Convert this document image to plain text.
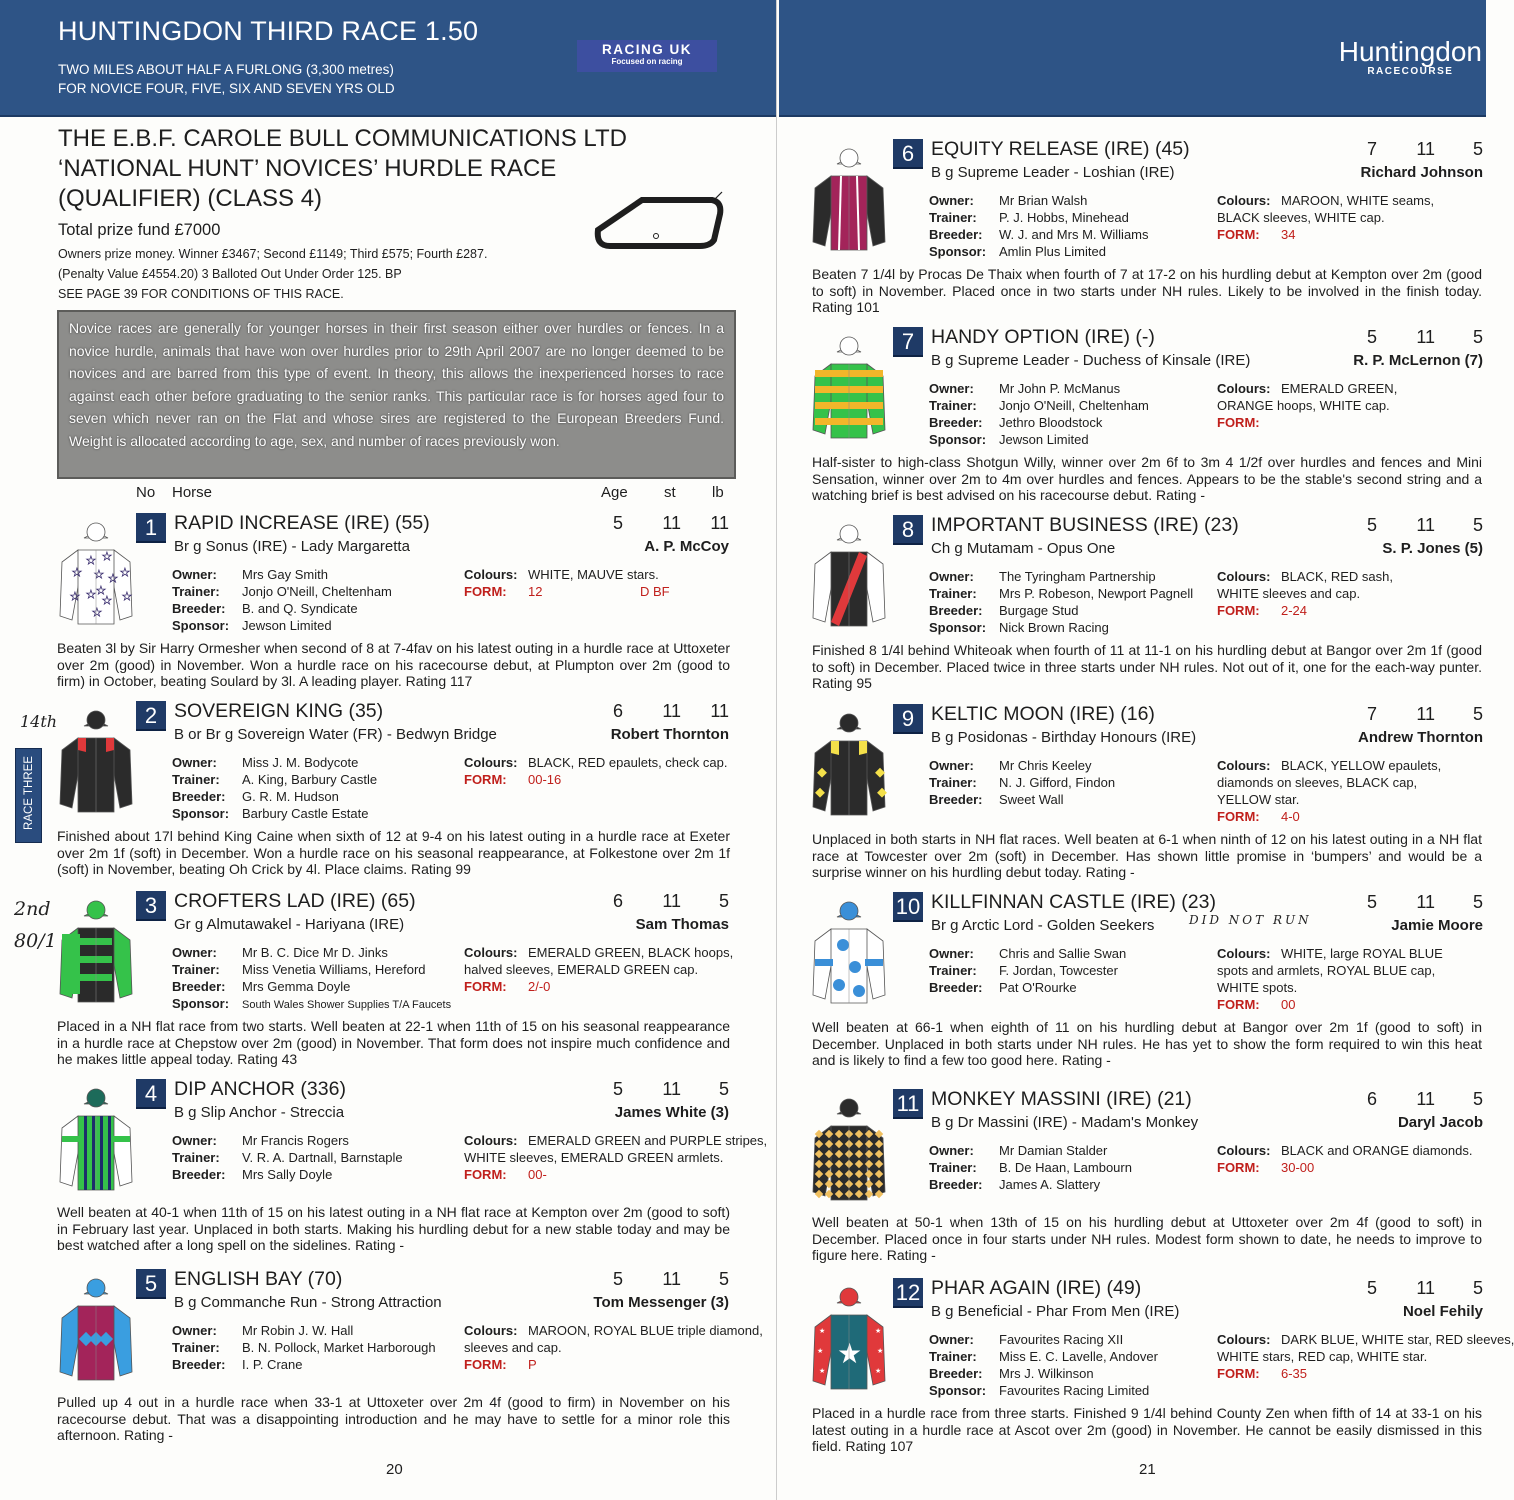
HUNTINGDON THIRD RACE 1.50
TWO MILES ABOUT HALF A FURLONG (3,300 metres)
FOR NOVICE FOUR, FIVE, SIX AND SEVEN YRS OLD
RACING UK
Focused on racing
THE E.B.F. CAROLE BULL COMMUNICATIONS LTD
‘NATIONAL HUNT’ NOVICES’ HURDLE RACE
(QUALIFIER) (CLASS 4)
Total prize fund £7000
Owners prize money. Winner £3467; Second £1149; Third £575; Fourth £287.
(Penalty Value £4554.20) 3 Balloted Out Under Order 125. BP
SEE PAGE 39 FOR CONDITIONS OF THIS RACE.
Novice races are generally for younger horses in their first season either over hurdles or fences. In a novice hurdle, animals that have won over hurdles prior to 29th April 2007 are no longer deemed to be novices and are barred from this type of event. In theory, this allows the inexperienced horses to race against each other before graduating to the senior ranks. This particular race is for horses aged four to seven which never ran on the Flat and whose sires are registered to the European Breeders Fund. Weight is allocated according to age, sex, and number of races previously won.
No Horse	Age st lb
★ ★
★ ★
★ ★
★
★	★
★	★
★
1 RAPID INCREASE (IRE) (55)
Br g Sonus (IRE) - Lady Margaretta
5 11 11
A. P. McCoy
Owner: Mrs Gay Smith
Trainer: Jonjo O'Neill, Cheltenham
Breeder: B. and Q. Syndicate
Sponsor: Jewson Limited
Colours: WHITE, MAUVE stars.
FORM: 12	D BF
Beaten 3l by Sir Harry Ormesher when second of 8 at 7-4fav on his latest outing in a hurdle race at Uttoxeter over 2m (good) in November. Won a hurdle race on his racecourse debut, at Plumpton over 2m (good to firm) in October, beating Soulard by 3l. A leading player. Rating 117
2 SOVEREIGN KING (35)
B or Br g Sovereign Water (FR) - Bedwyn Bridge
6 11 11
Robert Thornton
Owner: Miss J. M. Bodycote
Trainer: A. King, Barbury Castle
Breeder: G. R. M. Hudson
Sponsor: Barbury Castle Estate
Colours: BLACK, RED epaulets, check cap.
FORM: 00-16
Finished about 17l behind King Caine when sixth of 12 at 9-4 on his latest outing in a hurdle race at Exeter over 2m 1f (soft) in December. Won a hurdle race on his seasonal reappearance, at Folkestone over 2m 1f (soft) in November, beating Oh Crick by 4l. Place claims. Rating 99
3 CROFTERS LAD (IRE) (65)
Gr g Almutawakel - Hariyana (IRE)
6 11 5
Sam Thomas
Owner: Mr B. C. Dice Mr D. Jinks
Trainer: Miss Venetia Williams, Hereford
Breeder: Mrs Gemma Doyle
Sponsor: South Wales Shower Supplies T/A Faucets
Colours: EMERALD GREEN, BLACK hoops,
halved sleeves, EMERALD GREEN cap.
FORM: 2/-0
Placed in a NH flat race from two starts. Well beaten at 22-1 when 11th of 15 on his seasonal reappearance in a hurdle race at Chepstow over 2m (good) in November. That form does not inspire much confidence and he makes little appeal today. Rating 43
4 DIP ANCHOR (336)
B g Slip Anchor - Streccia
5 11 5
James White (3)
Owner: Mr Francis Rogers
Trainer: V. R. A. Dartnall, Barnstaple
Breeder: Mrs Sally Doyle
Colours: EMERALD GREEN and PURPLE stripes,
WHITE sleeves, EMERALD GREEN armlets.
FORM: 00-
Well beaten at 40-1 when 11th of 15 on his latest outing in a NH flat race at Kempton over 2m (good to soft) in February last year. Unplaced in both starts. Making his hurdling debut for a new stable today and may be best watched after a long spell on the sidelines. Rating -
5 ENGLISH BAY (70)
B g Commanche Run - Strong Attraction
5 11 5
Tom Messenger (3)
Owner: Mr Robin J. W. Hall
Trainer: B. N. Pollock, Market Harborough
Breeder: I. P. Crane
Colours: MAROON, ROYAL BLUE triple diamond,
sleeves and cap.
FORM: P
Pulled up 4 out in a hurdle race when 33-1 at Uttoxeter over 2m 4f (good to firm) in November on his racecourse debut. That was a disappointing introduction and he may have to settle for a minor role this afternoon. Rating -
RACE THREE
14th
2nd
80/1
20
Huntingdon
RACECOURSE
6 EQUITY RELEASE (IRE) (45)
B g Supreme Leader - Loshian (IRE)
7 11 5
Richard Johnson
Owner: Mr Brian Walsh
Trainer: P. J. Hobbs, Minehead
Breeder: W. J. and Mrs M. Williams
Sponsor: Amlin Plus Limited
Colours: MAROON, WHITE seams,
BLACK sleeves, WHITE cap.
FORM: 34
Beaten 7 1/4l by Procas De Thaix when fourth of 7 at 17-2 on his hurdling debut at Kempton over 2m (good to soft) in November. Placed once in two starts under NH rules. Likely to be involved in the finish today. Rating 101
7 HANDY OPTION (IRE) (-)
B g Supreme Leader - Duchess of Kinsale (IRE)
5 11 5
R. P. McLernon (7)
Owner: Mr John P. McManus
Trainer: Jonjo O'Neill, Cheltenham
Breeder: Jethro Bloodstock
Sponsor: Jewson Limited
Colours: EMERALD GREEN,
ORANGE hoops, WHITE cap.
FORM:
Half-sister to high-class Shotgun Willy, winner over 2m 6f to 3m 4 1/2f over hurdles and fences and Mini Sensation, winner over 2m to 4m over hurdles and fences. Appears to be the stable's second string and a watching brief is best advised on his racecourse debut. Rating -
8 IMPORTANT BUSINESS (IRE) (23)
Ch g Mutamam - Opus One
5 11 5
S. P. Jones (5)
Owner: The Tyringham Partnership
Trainer: Mrs P. Robeson, Newport Pagnell
Breeder: Burgage Stud
Sponsor: Nick Brown Racing
Colours: BLACK, RED sash,
WHITE sleeves and cap.
FORM: 2-24
Finished 8 1/4l behind Whiteoak when fourth of 11 at 11-1 on his hurdling debut at Bangor over 2m 1f (good to soft) in December. Placed twice in three starts under NH rules. Not out of it, one for the each-way punter. Rating 95
9 KELTIC MOON (IRE) (16)
B g Posidonas - Birthday Honours (IRE)
7 11 5
Andrew Thornton
Owner: Mr Chris Keeley
Trainer: N. J. Gifford, Findon
Breeder: Sweet Wall
Colours: BLACK, YELLOW epaulets,
diamonds on sleeves, BLACK cap,
YELLOW star.
FORM: 4-0
Unplaced in both starts in NH flat races. Well beaten at 6-1 when ninth of 12 on his latest outing in a NH flat race at Towcester over 2m (soft) in December. Has shown little promise in ‘bumpers’ and would be a surprise winner on his hurdling debut today. Rating -
10 KILLFINNAN CASTLE (IRE) (23)
Br g Arctic Lord - Golden Seekers
5 11 5
Jamie Moore
Owner: Chris and Sallie Swan
Trainer: F. Jordan, Towcester
Breeder: Pat O'Rourke
Colours: WHITE, large ROYAL BLUE
spots and armlets, ROYAL BLUE cap,
WHITE spots.
FORM: 00
Well beaten at 66-1 when eighth of 11 on his hurdling debut at Bangor over 2m 1f (good to soft) in December. Unplaced in both starts under NH rules. He has yet to show the form required to win this heat and is likely to find a few too good here. Rating -
11 MONKEY MASSINI (IRE) (21)
B g Dr Massini (IRE) - Madam's Monkey
6 11 5
Daryl Jacob
Owner: Mr Damian Stalder
Trainer: B. De Haan, Lambourn
Breeder: James A. Slattery
Colours: BLACK and ORANGE diamonds.
FORM: 30-00
Well beaten at 50-1 when 13th of 15 on his hurdling debut at Uttoxeter over 2m 4f (good to soft) in December. Placed once in four starts under NH rules. Modest form shown to date, he needs to improve to figure here. Rating -
★
★	★
★	★
★	★
12 PHAR AGAIN (IRE) (49)
B g Beneficial - Phar From Men (IRE)
5 11 5
Noel Fehily
Owner: Favourites Racing XII
Trainer: Miss E. C. Lavelle, Andover
Breeder: Mrs J. Wilkinson
Sponsor: Favourites Racing Limited
Colours: DARK BLUE, WHITE star, RED sleeves,
WHITE stars, RED cap, WHITE star.
FORM: 6-35
Placed in a hurdle race from three starts. Finished 9 1/4l behind County Zen when fifth of 14 at 33-1 on his latest outing in a hurdle race at Ascot over 2m (good) in November. He cannot be easily dismissed in this field. Rating 107
DID NOT RUN
21
